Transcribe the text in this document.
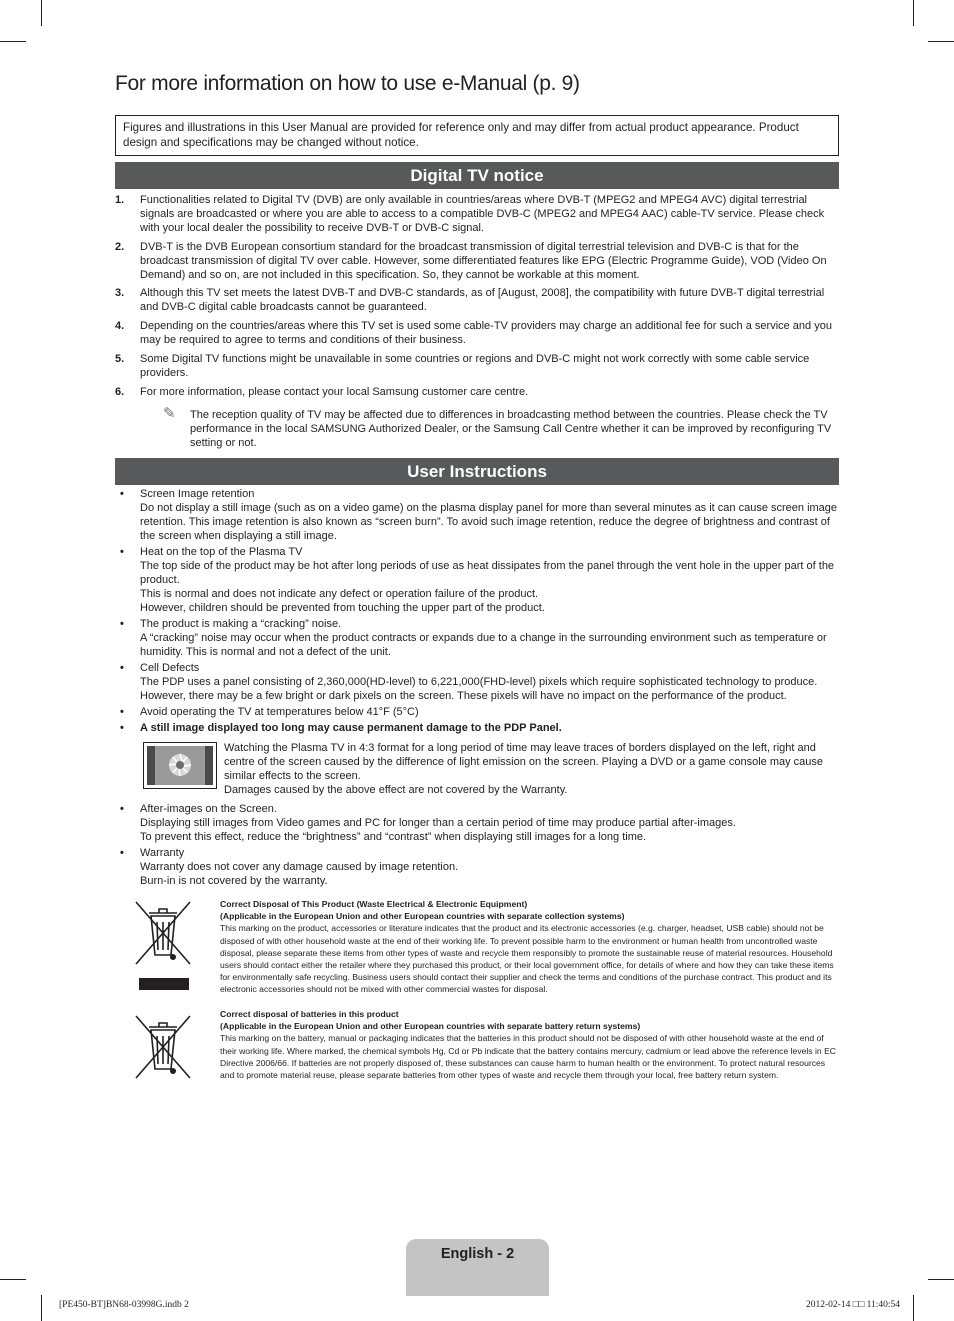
For more information on how to use e-Manual (p. 9)
Figures and illustrations in this User Manual are provided for reference only and may differ from actual product appearance. Product design and specifications may be changed without notice.
Digital TV notice
1. Functionalities related to Digital TV (DVB) are only available in countries/areas where DVB-T (MPEG2 and MPEG4 AVC) digital terrestrial signals are broadcasted or where you are able to access to a compatible DVB-C (MPEG2 and MPEG4 AAC) cable-TV service. Please check with your local dealer the possibility to receive DVB-T or DVB-C signal.
2. DVB-T is the DVB European consortium standard for the broadcast transmission of digital terrestrial television and DVB-C is that for the broadcast transmission of digital TV over cable. However, some differentiated features like EPG (Electric Programme Guide), VOD (Video On Demand) and so on, are not included in this specification. So, they cannot be workable at this moment.
3. Although this TV set meets the latest DVB-T and DVB-C standards, as of [August, 2008], the compatibility with future DVB-T digital terrestrial and DVB-C digital cable broadcasts cannot be guaranteed.
4. Depending on the countries/areas where this TV set is used some cable-TV providers may charge an additional fee for such a service and you may be required to agree to terms and conditions of their business.
5. Some Digital TV functions might be unavailable in some countries or regions and DVB-C might not work correctly with some cable service providers.
6. For more information, please contact your local Samsung customer care centre.
✎ The reception quality of TV may be affected due to differences in broadcasting method between the countries. Please check the TV performance in the local SAMSUNG Authorized Dealer, or the Samsung Call Centre whether it can be improved by reconfiguring TV setting or not.
User Instructions
• Screen Image retention
Do not display a still image (such as on a video game) on the plasma display panel for more than several minutes as it can cause screen image retention. This image retention is also known as “screen burn”. To avoid such image retention, reduce the degree of brightness and contrast of the screen when displaying a still image.
• Heat on the top of the Plasma TV
The top side of the product may be hot after long periods of use as heat dissipates from the panel through the vent hole in the upper part of the product.
This is normal and does not indicate any defect or operation failure of the product.
However, children should be prevented from touching the upper part of the product.
• The product is making a “cracking” noise.
A “cracking” noise may occur when the product contracts or expands due to a change in the surrounding environment such as temperature or humidity. This is normal and not a defect of the unit.
• Cell Defects
The PDP uses a panel consisting of 2,360,000(HD-level) to 6,221,000(FHD-level) pixels which require sophisticated technology to produce. However, there may be a few bright or dark pixels on the screen. These pixels will have no impact on the performance of the product.
• Avoid operating the TV at temperatures below 41°F (5°C)
• A still image displayed too long may cause permanent damage to the PDP Panel.
Watching the Plasma TV in 4:3 format for a long period of time may leave traces of borders displayed on the left, right and centre of the screen caused by the difference of light emission on the screen. Playing a DVD or a game console may cause similar effects to the screen.
Damages caused by the above effect are not covered by the Warranty.
• After-images on the Screen.
Displaying still images from Video games and PC for longer than a certain period of time may produce partial after-images.
To prevent this effect, reduce the “brightness” and “contrast” when displaying still images for a long time.
• Warranty
Warranty does not cover any damage caused by image retention.
Burn-in is not covered by the warranty.
Correct Disposal of This Product (Waste Electrical & Electronic Equipment)
(Applicable in the European Union and other European countries with separate collection systems)
This marking on the product, accessories or literature indicates that the product and its electronic accessories (e.g. charger, headset, USB cable) should not be disposed of with other household waste at the end of their working life. To prevent possible harm to the environment or human health from uncontrolled waste disposal, please separate these items from other types of waste and recycle them responsibly to promote the sustainable reuse of material resources. Household users should contact either the retailer where they purchased this product, or their local government office, for details of where and how they can take these items for environmentally safe recycling. Business users should contact their supplier and check the terms and conditions of the purchase contract. This product and its electronic accessories should not be mixed with other commercial wastes for disposal.
Correct disposal of batteries in this product
(Applicable in the European Union and other European countries with separate battery return systems)
This marking on the battery, manual or packaging indicates that the batteries in this product should not be disposed of with other household waste at the end of their working life. Where marked, the chemical symbols Hg, Cd or Pb indicate that the battery contains mercury, cadmium or lead above the reference levels in EC Directive 2006/66. If batteries are not properly disposed of, these substances can cause harm to human health or the environment. To protect natural resources and to promote material reuse, please separate batteries from other types of waste and recycle them through your local, free battery return system.
English - 2
[PE450-BT]BN68-03998G.indb 2	2012-02-14 □□ 11:40:54
